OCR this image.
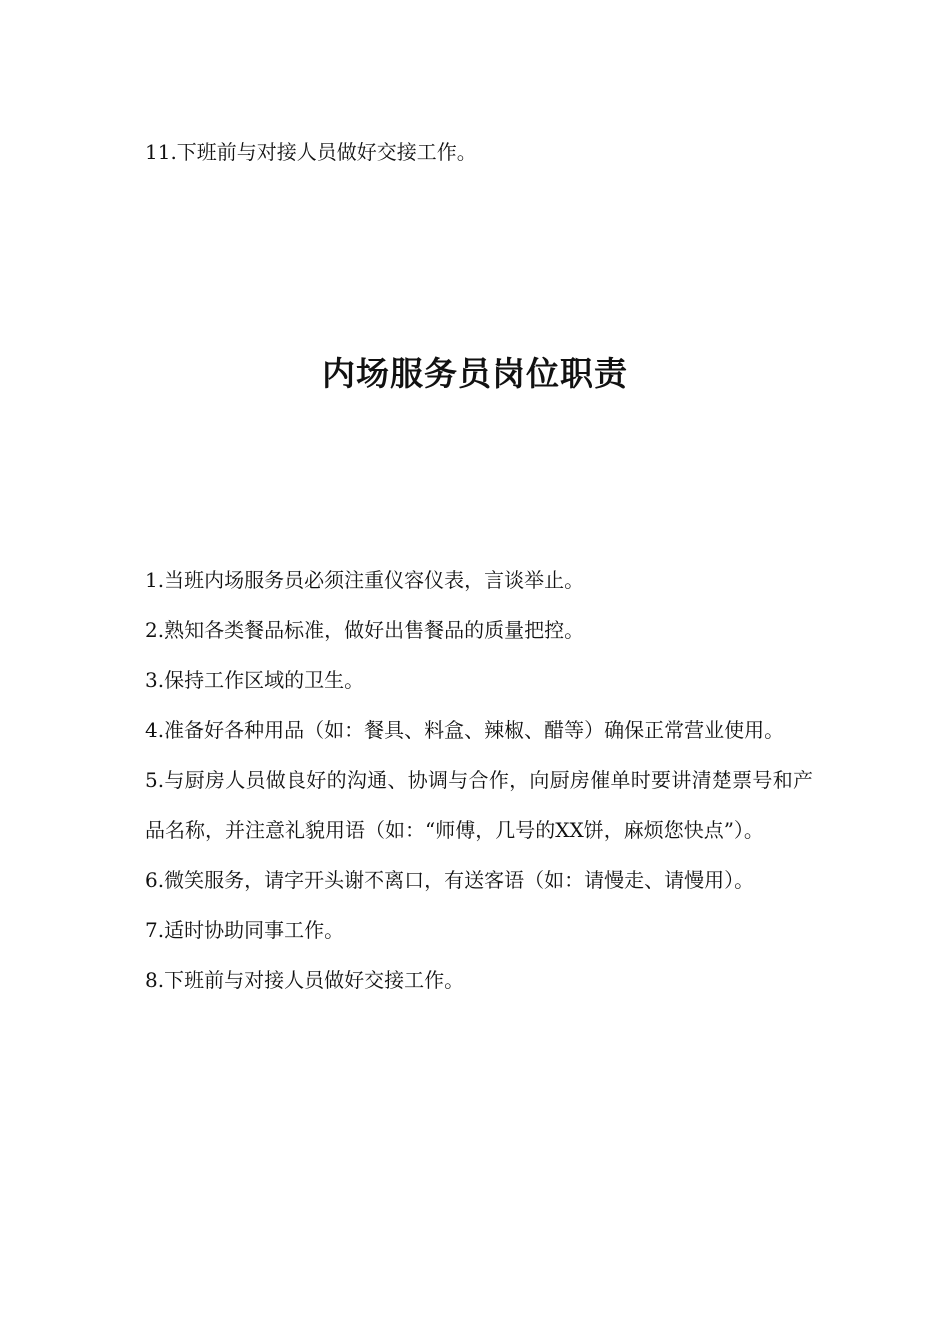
11.下班前与对接人员做好交接工作。

内场服务员岗位职责
1.当班内场服务员必须注重仪容仪表，言谈举止。
2.熟知各类餐品标准，做好出售餐品的质量把控。
3.保持工作区域的卫生。
4.准备好各种用品（如：餐具、料盒、辣椒、醋等）确保正常营业使用。
5.与厨房人员做良好的沟通、协调与合作，向厨房催单时要讲清楚票号和产品名称，并注意礼貌用语（如：“师傅，几号的XX饼，麻烦您快点”）。
6.微笑服务，请字开头谢不离口，有送客语（如：请慢走、请慢用）。
7.适时协助同事工作。
8.下班前与对接人员做好交接工作。
